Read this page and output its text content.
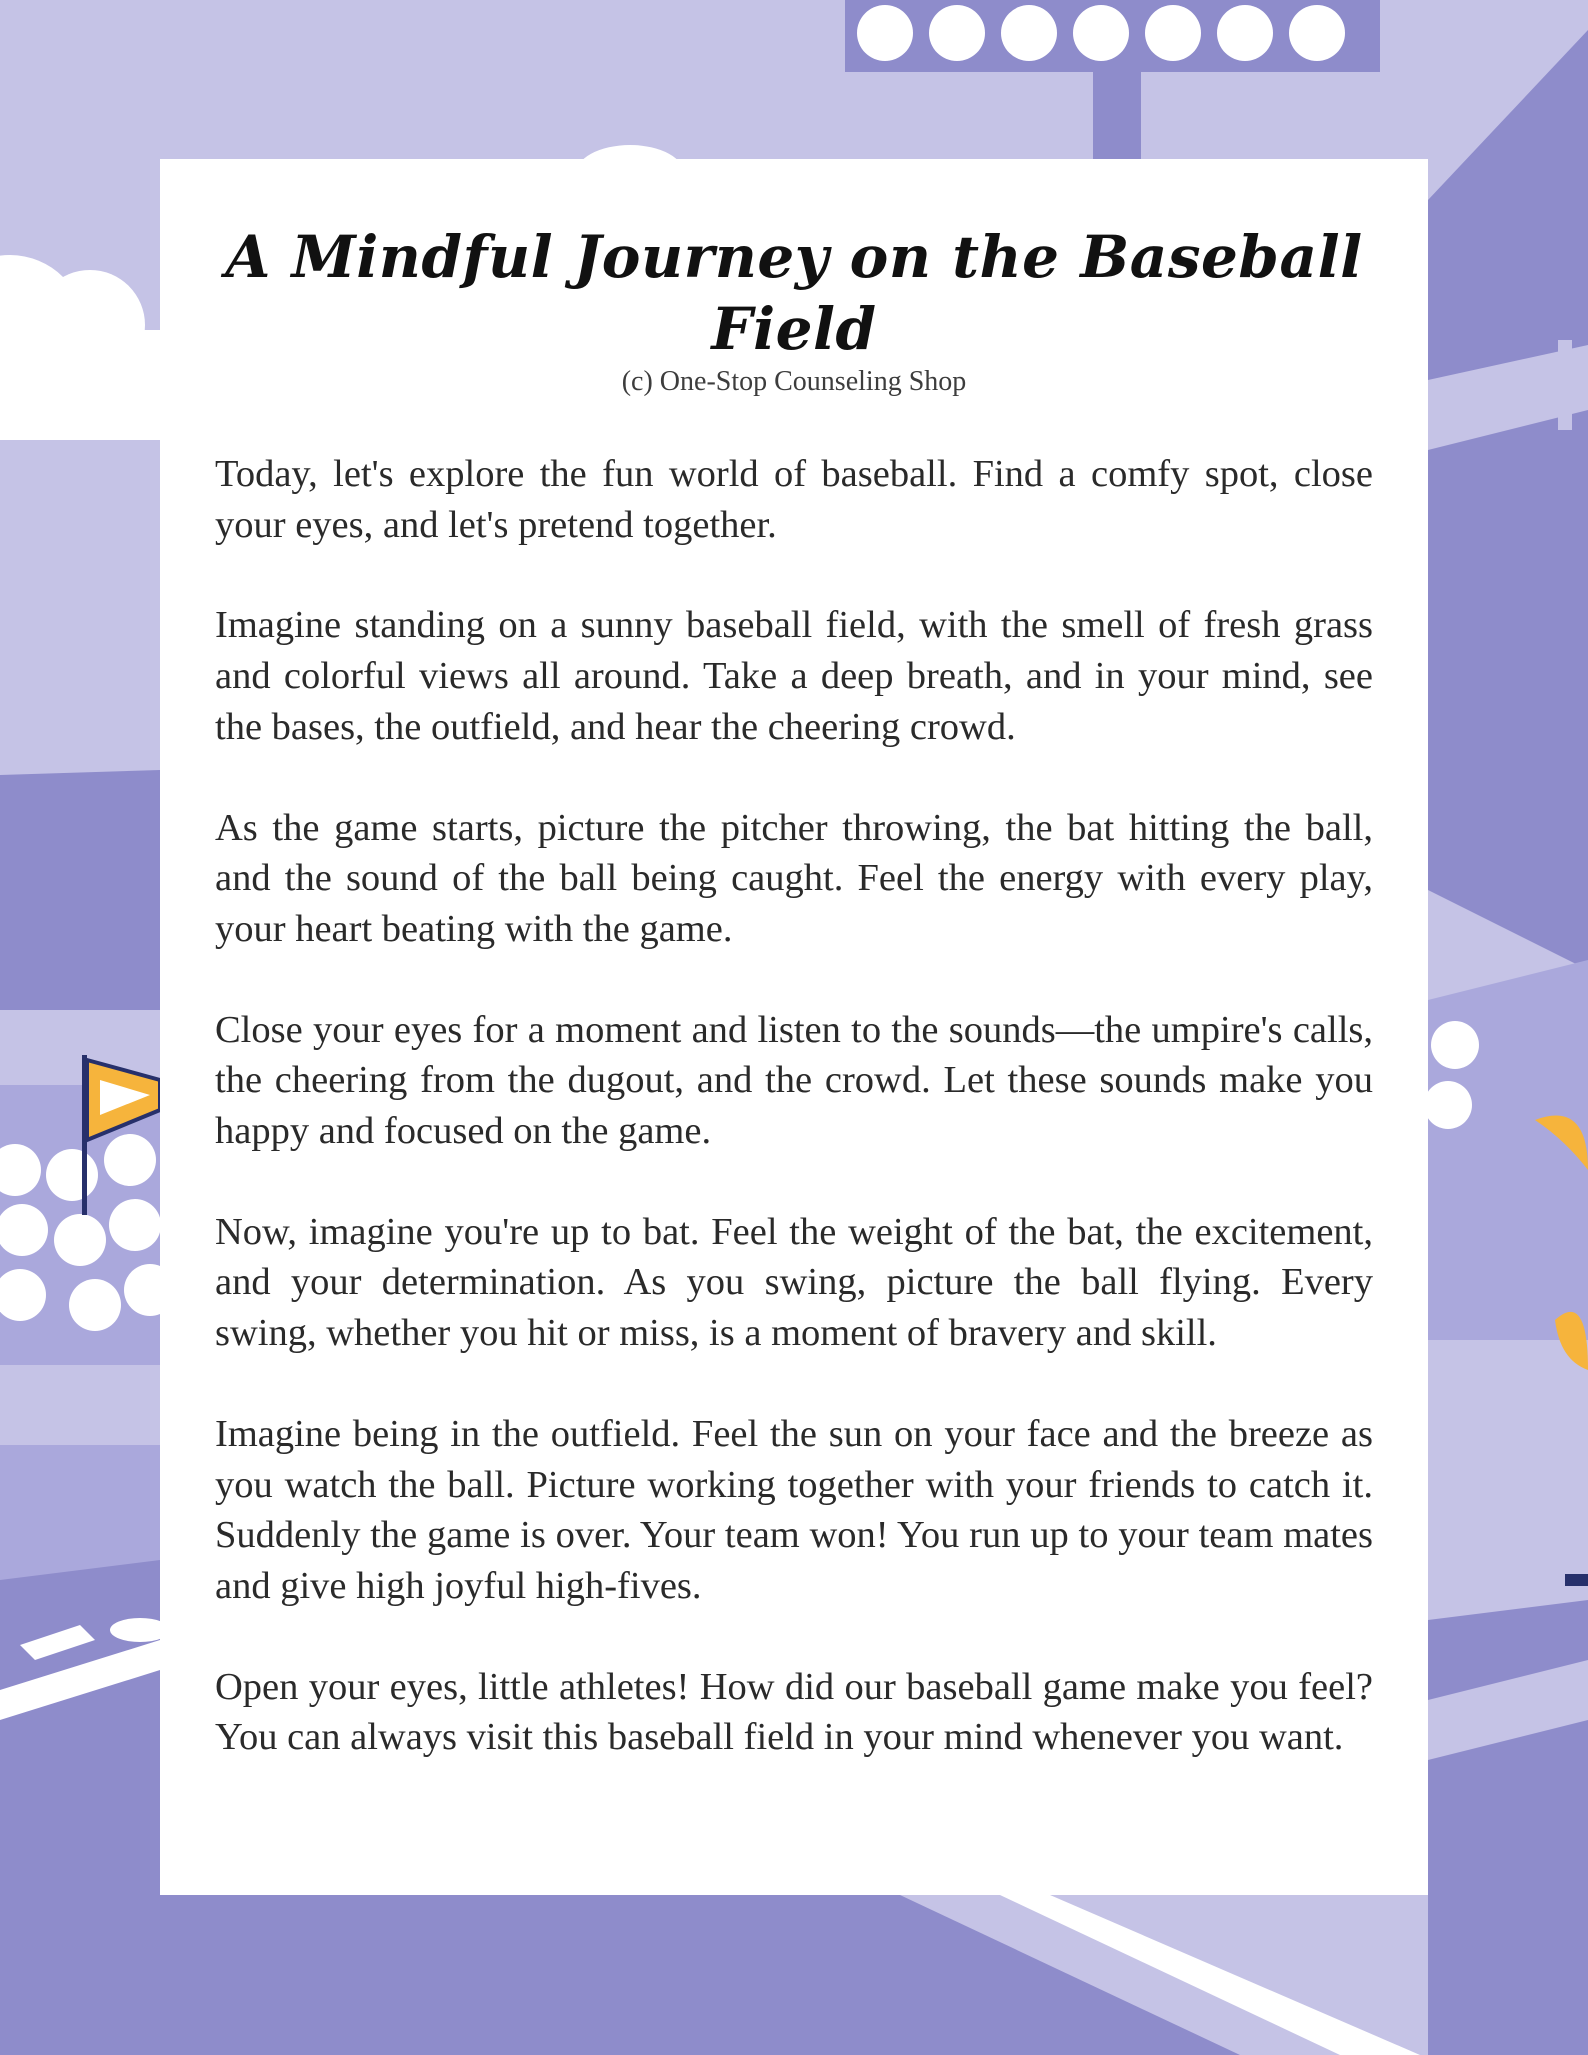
A Mindful Journey on the Baseball Field

(c) One-Stop Counseling Shop

Today, let's explore the fun world of baseball. Find a comfy spot, close your eyes, and let's pretend together.

Imagine standing on a sunny baseball field, with the smell of fresh grass and colorful views all around. Take a deep breath, and in your mind, see the bases, the outfield, and hear the cheering crowd.

As the game starts, picture the pitcher throwing, the bat hitting the ball, and the sound of the ball being caught. Feel the energy with every play, your heart beating with the game.

Close your eyes for a moment and listen to the sounds—the umpire's calls, the cheering from the dugout, and the crowd. Let these sounds make you happy and focused on the game.

Now, imagine you're up to bat. Feel the weight of the bat, the excitement, and your determination. As you swing, picture the ball flying. Every swing, whether you hit or miss, is a moment of bravery and skill.

Imagine being in the outfield. Feel the sun on your face and the breeze as you watch the ball. Picture working together with your friends to catch it. Suddenly the game is over. Your team won! You run up to your team mates and give high joyful high-fives.

Open your eyes, little athletes! How did our baseball game make you feel? You can always visit this baseball field in your mind whenever you want.
